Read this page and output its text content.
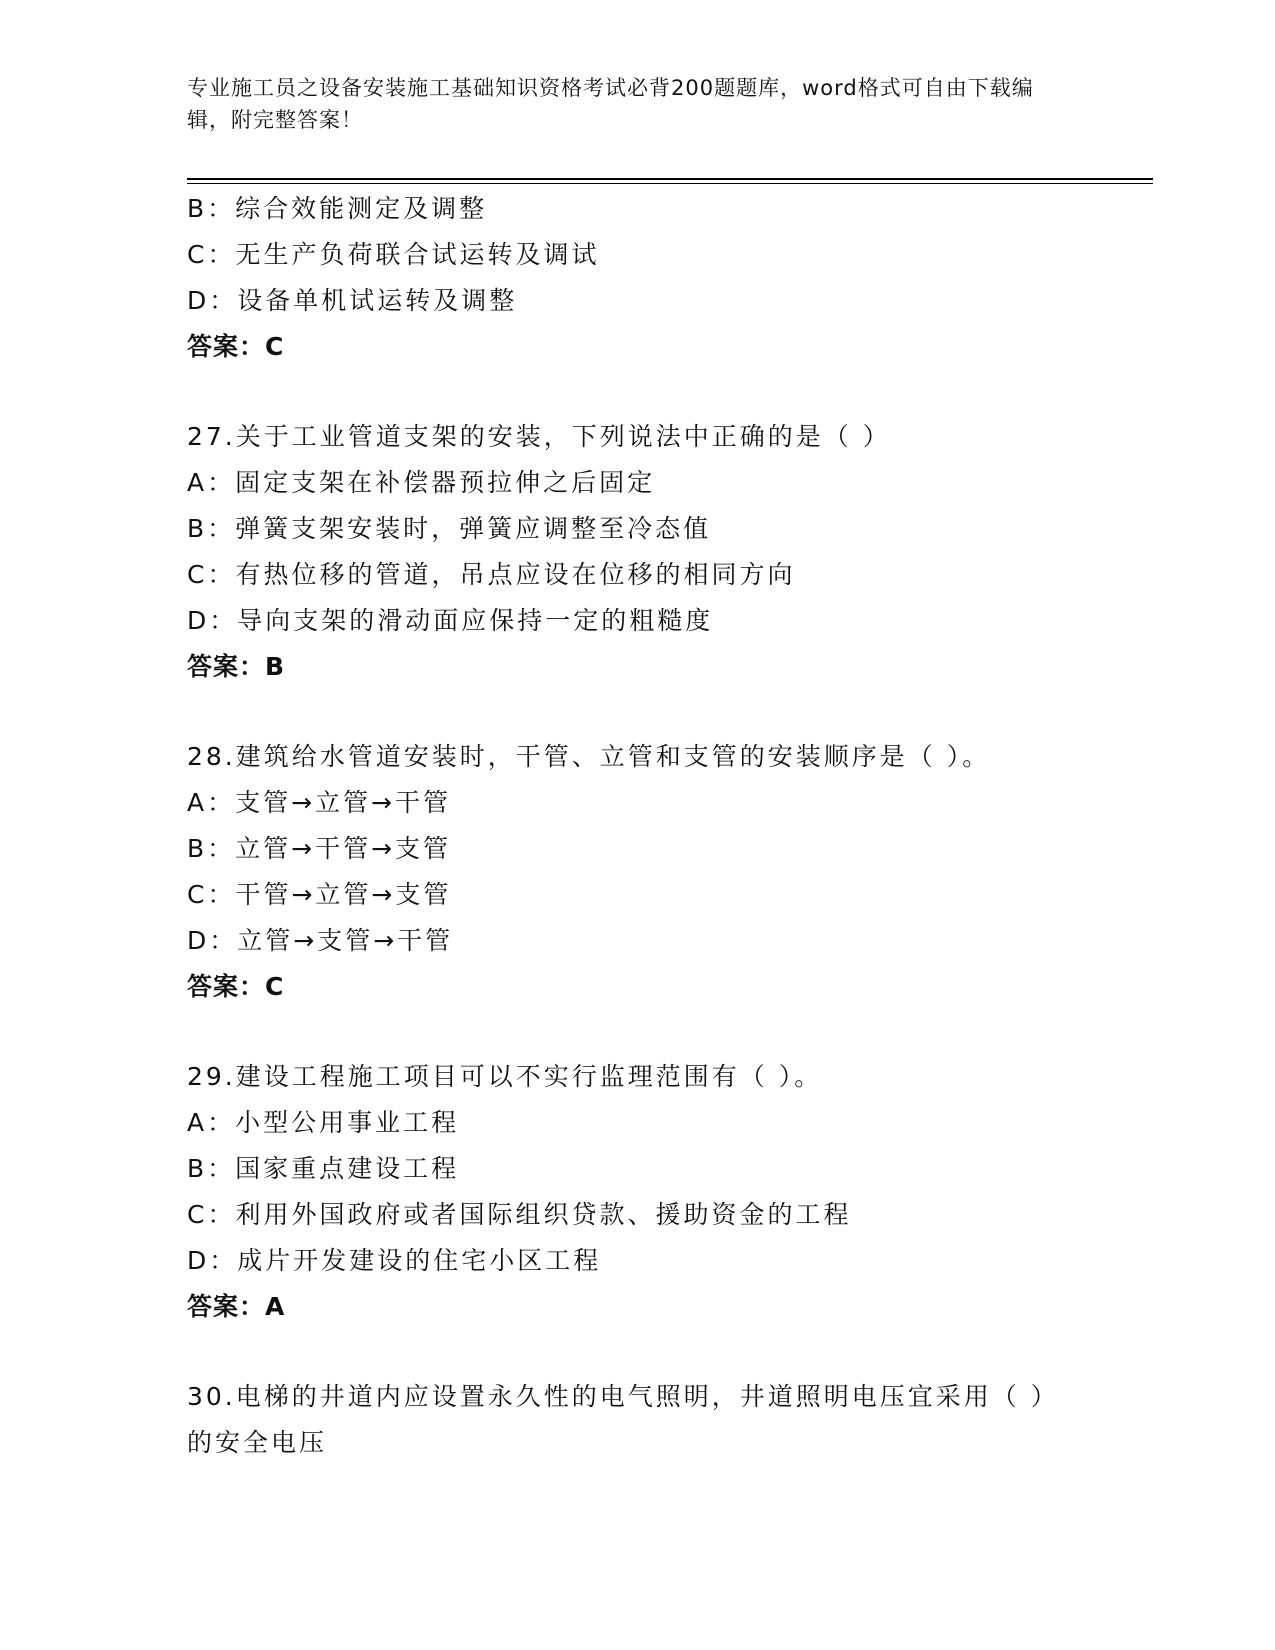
专业施工员之设备安装施工基础知识资格考试必背200题题库，word格式可自由下载编辑，附完整答案！
B：综合效能测定及调整
C：无生产负荷联合试运转及调试
D：设备单机试运转及调整
答案：C
27.关于工业管道支架的安装，下列说法中正确的是（ ）
A：固定支架在补偿器预拉伸之后固定
B：弹簧支架安装时，弹簧应调整至冷态值
C：有热位移的管道，吊点应设在位移的相同方向
D：导向支架的滑动面应保持一定的粗糙度
答案：B
28.建筑给水管道安装时，干管、立管和支管的安装顺序是（ ）。
A：支管→立管→干管
B：立管→干管→支管
C：干管→立管→支管
D：立管→支管→干管
答案：C
29.建设工程施工项目可以不实行监理范围有（ ）。
A：小型公用事业工程
B：国家重点建设工程
C：利用外国政府或者国际组织贷款、援助资金的工程
D：成片开发建设的住宅小区工程
答案：A
30.电梯的井道内应设置永久性的电气照明，井道照明电压宜采用（ ）的安全电压
